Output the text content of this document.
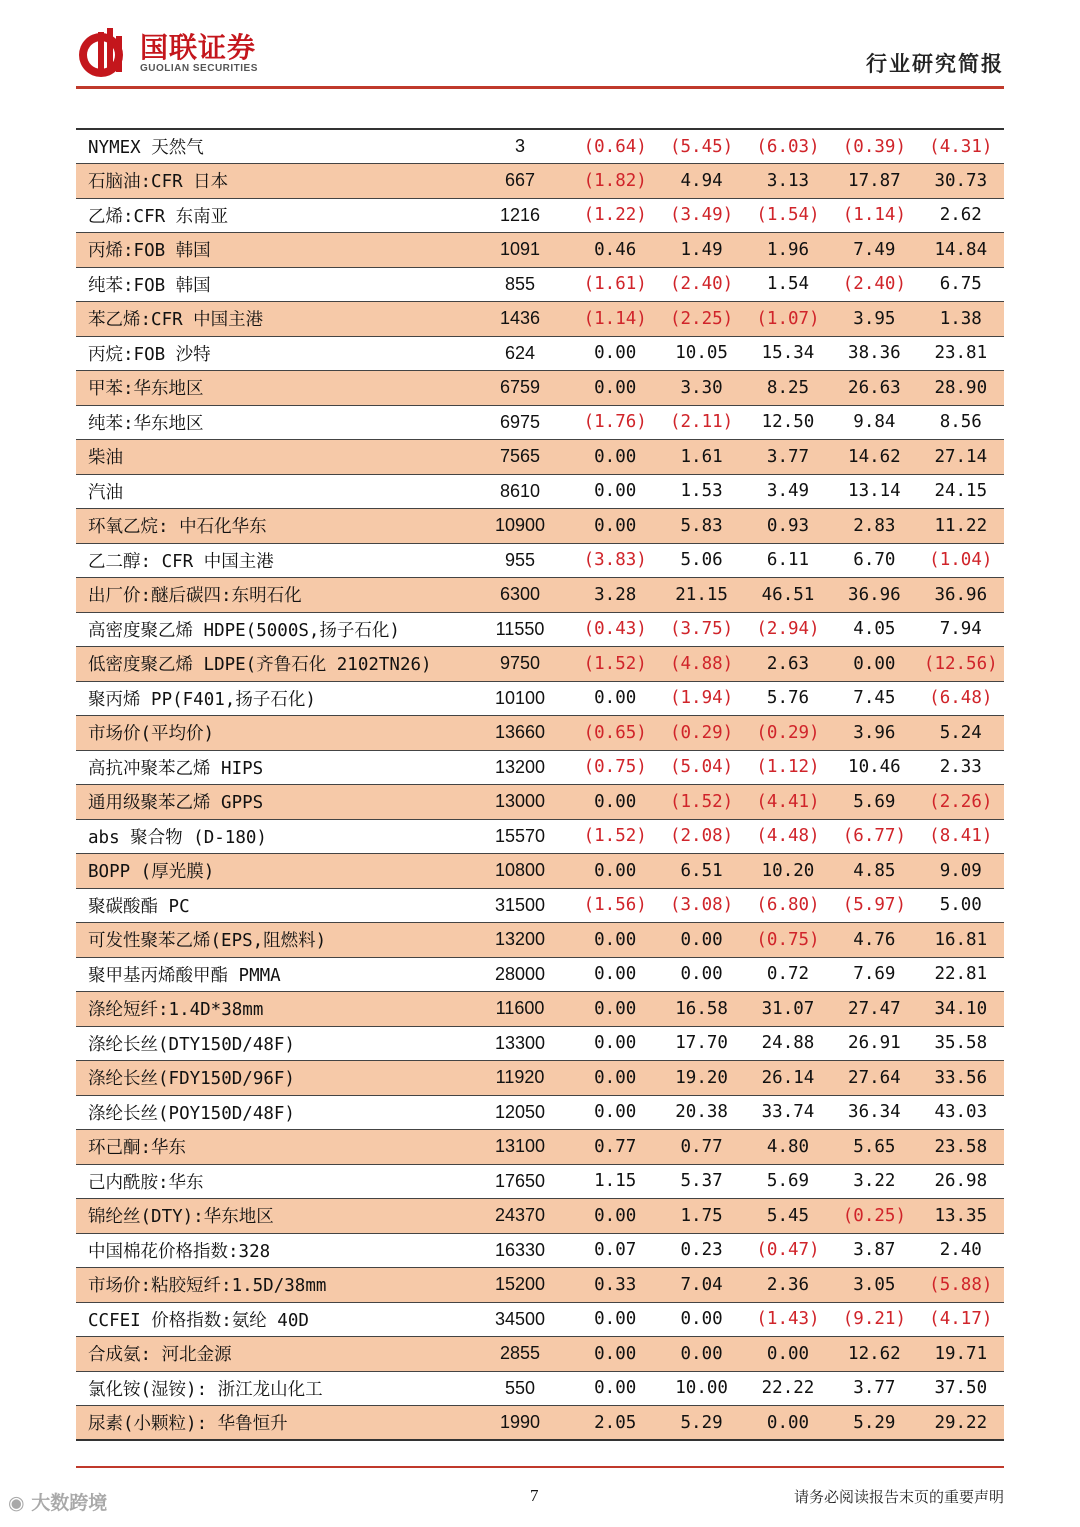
国联证券
GUOLIAN SECURITIES	行业研究简报
NYMEX 天然气	3	(0.64)	(5.45)	(6.03)	(0.39)	(4.31)
石脑油:CFR 日本	667	(1.82)	4.94	3.13	17.87	30.73
乙烯:CFR 东南亚	1216	(1.22)	(3.49)	(1.54)	(1.14)	2.62
丙烯:FOB 韩国	1091	0.46	1.49	1.96	7.49	14.84
纯苯:FOB 韩国	855	(1.61)	(2.40)	1.54	(2.40)	6.75
苯乙烯:CFR 中国主港	1436	(1.14)	(2.25)	(1.07)	3.95	1.38
丙烷:FOB 沙特	624	0.00	10.05	15.34	38.36	23.81
甲苯:华东地区	6759	0.00	3.30	8.25	26.63	28.90
纯苯:华东地区	6975	(1.76)	(2.11)	12.50	9.84	8.56
柴油	7565	0.00	1.61	3.77	14.62	27.14
汽油	8610	0.00	1.53	3.49	13.14	24.15
环氧乙烷: 中石化华东	10900	0.00	5.83	0.93	2.83	11.22
乙二醇: CFR 中国主港	955	(3.83)	5.06	6.11	6.70	(1.04)
出厂价:醚后碳四:东明石化	6300	3.28	21.15	46.51	36.96	36.96
高密度聚乙烯 HDPE(5000S,扬子石化)	11550	(0.43)	(3.75)	(2.94)	4.05	7.94
低密度聚乙烯 LDPE(齐鲁石化 2102TN26)	9750	(1.52)	(4.88)	2.63	0.00	(12.56)
聚丙烯 PP(F401,扬子石化)	10100	0.00	(1.94)	5.76	7.45	(6.48)
市场价(平均价)	13660	(0.65)	(0.29)	(0.29)	3.96	5.24
高抗冲聚苯乙烯 HIPS	13200	(0.75)	(5.04)	(1.12)	10.46	2.33
通用级聚苯乙烯 GPPS	13000	0.00	(1.52)	(4.41)	5.69	(2.26)
abs 聚合物 (D-180)	15570	(1.52)	(2.08)	(4.48)	(6.77)	(8.41)
BOPP (厚光膜)	10800	0.00	6.51	10.20	4.85	9.09
聚碳酸酯 PC	31500	(1.56)	(3.08)	(6.80)	(5.97)	5.00
可发性聚苯乙烯(EPS,阻燃料)	13200	0.00	0.00	(0.75)	4.76	16.81
聚甲基丙烯酸甲酯 PMMA	28000	0.00	0.00	0.72	7.69	22.81
涤纶短纤:1.4D*38mm	11600	0.00	16.58	31.07	27.47	34.10
涤纶长丝(DTY150D/48F)	13300	0.00	17.70	24.88	26.91	35.58
涤纶长丝(FDY150D/96F)	11920	0.00	19.20	26.14	27.64	33.56
涤纶长丝(POY150D/48F)	12050	0.00	20.38	33.74	36.34	43.03
环己酮:华东	13100	0.77	0.77	4.80	5.65	23.58
己内酰胺:华东	17650	1.15	5.37	5.69	3.22	26.98
锦纶丝(DTY):华东地区	24370	0.00	1.75	5.45	(0.25)	13.35
中国棉花价格指数:328	16330	0.07	0.23	(0.47)	3.87	2.40
市场价:粘胶短纤:1.5D/38mm	15200	0.33	7.04	2.36	3.05	(5.88)
CCFEI 价格指数:氨纶 40D	34500	0.00	0.00	(1.43)	(9.21)	(4.17)
合成氨: 河北金源	2855	0.00	0.00	0.00	12.62	19.71
氯化铵(湿铵): 浙江龙山化工	550	0.00	10.00	22.22	3.77	37.50
尿素(小颗粒): 华鲁恒升	1990	2.05	5.29	0.00	5.29	29.22
◉ 大数跨境	7	请务必阅读报告末页的重要声明
